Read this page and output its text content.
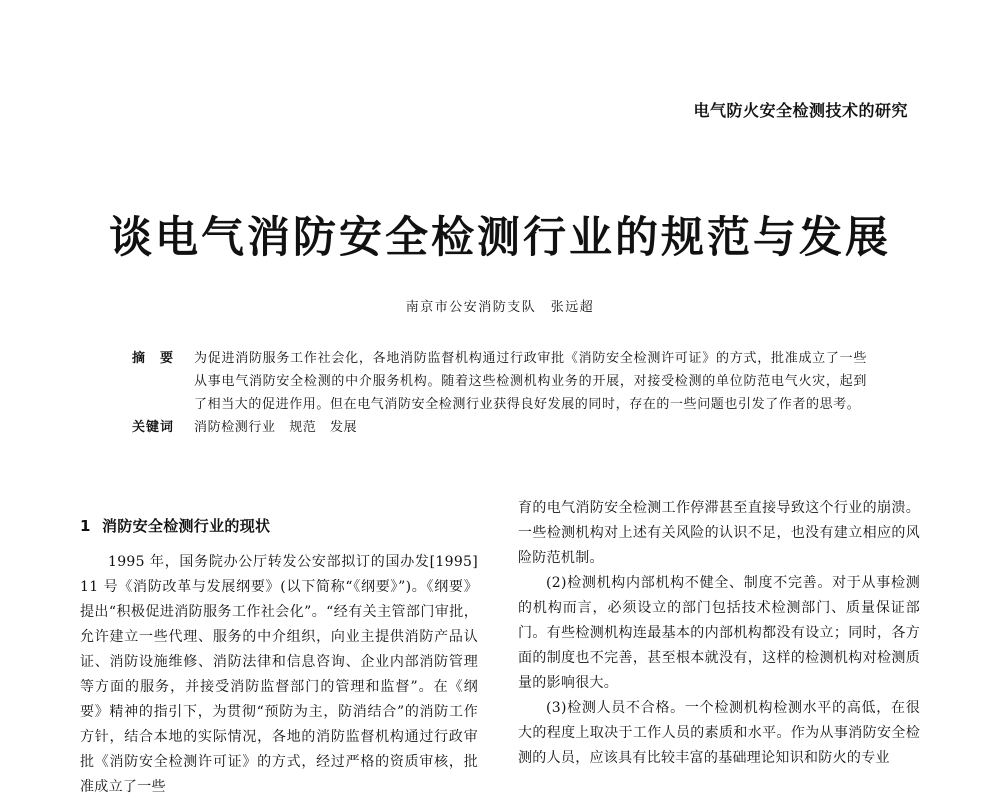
电气防火安全检测技术的研究
谈电气消防安全检测行业的规范与发展
南京市公安消防支队　张远超
摘　要	为促进消防服务工作社会化，各地消防监督机构通过行政审批《消防安全检测许可证》的方式，批准成立了一些从事电气消防安全检测的中介服务机构。随着这些检测机构业务的开展，对接受检测的单位防范电气火灾，起到了相当大的促进作用。但在电气消防安全检测行业获得良好发展的同时，存在的一些问题也引发了作者的思考。
关键词	消防检测行业　规范　发展
1 消防安全检测行业的现状

1995 年，国务院办公厅转发公安部拟订的国办发[1995] 11 号《消防改革与发展纲要》(以下简称“《纲要》”)。《纲要》提出“积极促进消防服务工作社会化”。“经有关主管部门审批，允许建立一些代理、服务的中介组织，向业主提供消防产品认证、消防设施维修、消防法律和信息咨询、企业内部消防管理等方面的服务，并接受消防监督部门的管理和监督”。在《纲要》精神的指引下，为贯彻“预防为主，防消结合”的消防工作方针，结合本地的实际情况，各地的消防监督机构通过行政审批《消防安全检测许可证》的方式，经过严格的资质审核，批准成立了一些

育的电气消防安全检测工作停滞甚至直接导致这个行业的崩溃。一些检测机构对上述有关风险的认识不足，也没有建立相应的风险防范机制。

(2)检测机构内部机构不健全、制度不完善。对于从事检测的机构而言，必须设立的部门包括技术检测部门、质量保证部门。有些检测机构连最基本的内部机构都没有设立；同时，各方面的制度也不完善，甚至根本就没有，这样的检测机构对检测质量的影响很大。

(3)检测人员不合格。一个检测机构检测水平的高低，在很大的程度上取决于工作人员的素质和水平。作为从事消防安全检测的人员，应该具有比较丰富的基础理论知识和防火的专业
